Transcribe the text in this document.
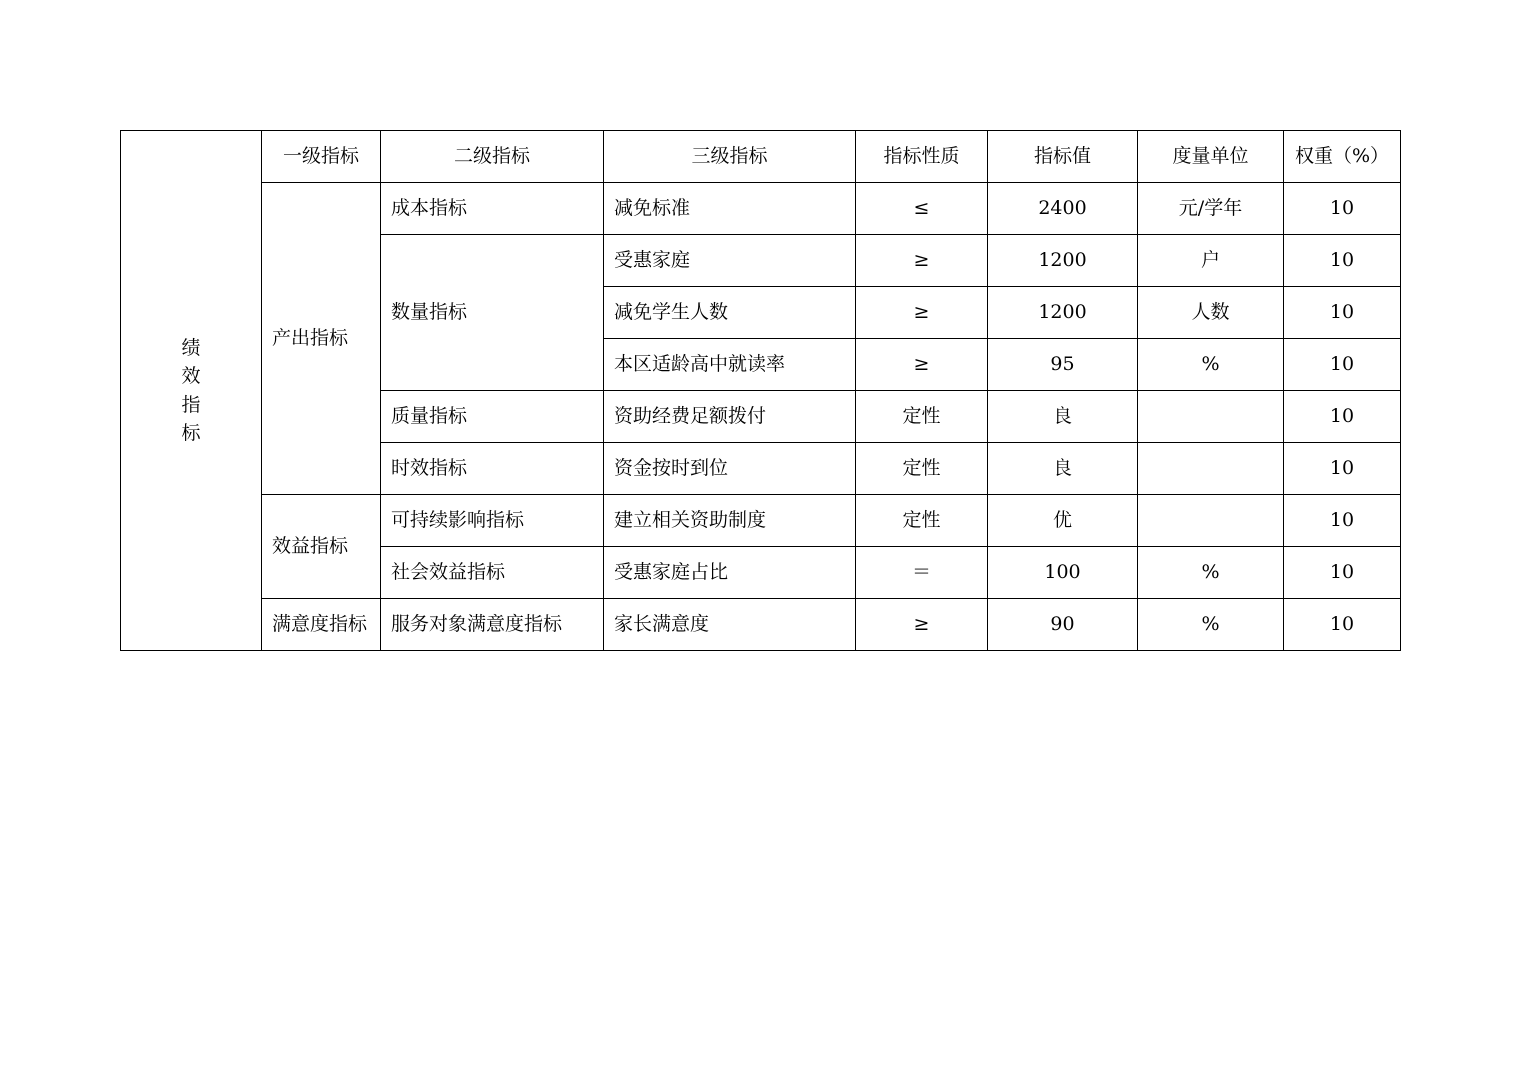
绩效指标	一级指标	二级指标	三级指标	指标性质	指标值	度量单位	权重（%）
	产出指标	成本指标	减免标准	≤	2400	元/学年	10
		数量指标	受惠家庭	≥	1200	户	10
			减免学生人数	≥	1200	人数	10
			本区适龄高中就读率	≥	95	%	10
		质量指标	资助经费足额拨付	定性	良		10
		时效指标	资金按时到位	定性	良		10
	效益指标	可持续影响指标	建立相关资助制度	定性	优		10
		社会效益指标	受惠家庭占比	＝	100	%	10
	满意度指标	服务对象满意度指标	家长满意度	≥	90	%	10
